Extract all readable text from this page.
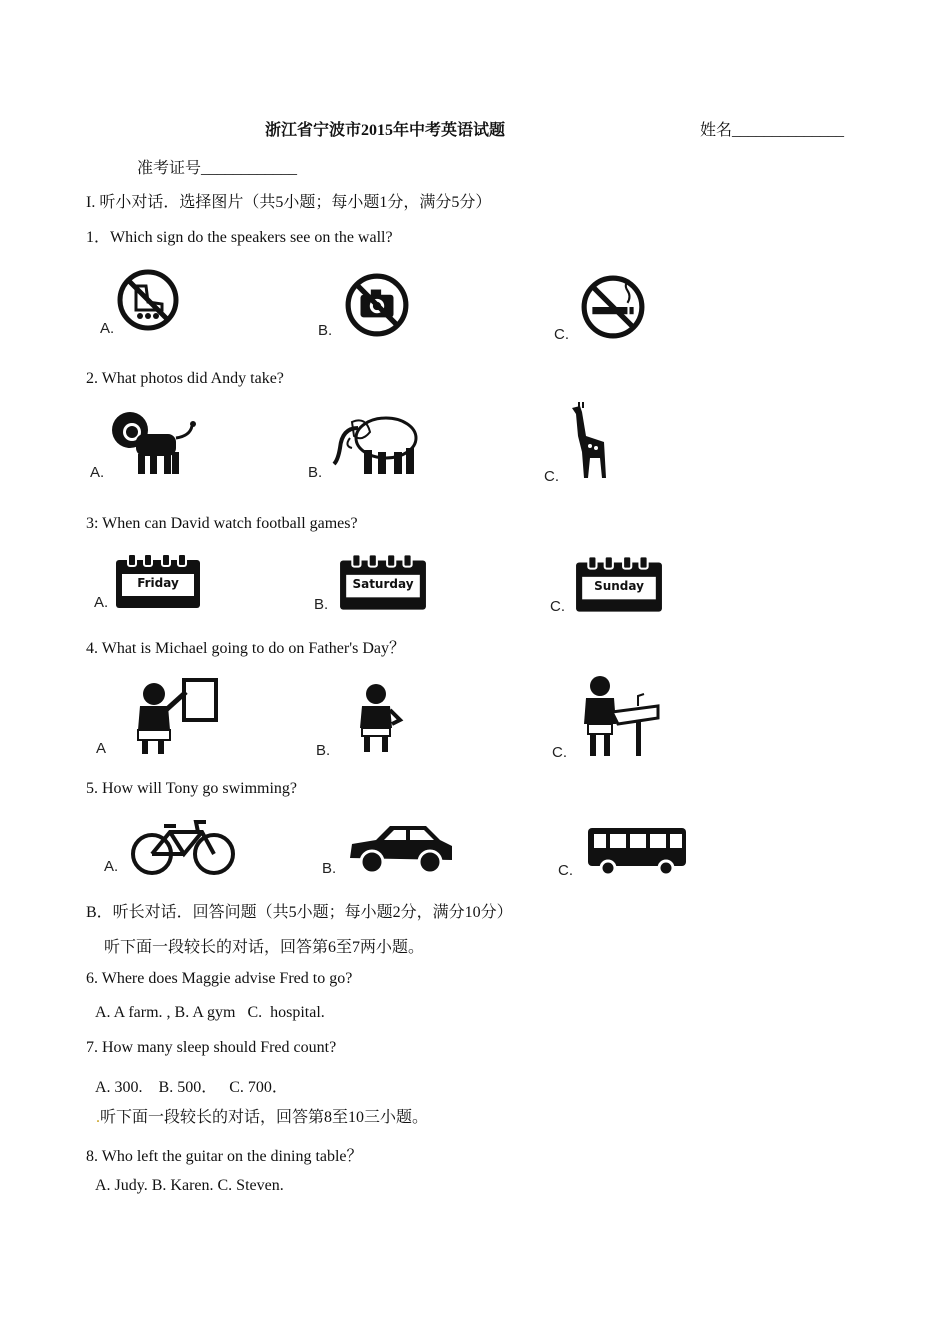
浙江省宁波市2015年中考英语试题	姓名______________
准考证号____________
I. 听小对话．选择图片（共5小题；每小题1分，满分5分）
1．Which sign do the speakers see on the wall?
A.	B.	C.
2. What photos did Andy take?
A.	B.	C.
3: When can David watch football games?
A.
Friday
B.
Saturday
C.
Sunday
4. What is Michael going to do on Father's Day？
A	B.	C.
5. How will Tony go swimming?
A.	B.	C.
B．听长对话．回答问题（共5小题；每小题2分，满分10分）
听下面一段较长的对话，回答第6至7两小题。
6. Where does Maggie advise Fred to go?
A. A farm. , B. A gym   C.  hospital.
7. How many sleep should Fred count?
A. 300.    B. 500．   C. 700．
.听下面一段较长的对话，回答第8至10三小题。
8. Who left the guitar on the dining table？
A. Judy. B. Karen. C. Steven.
